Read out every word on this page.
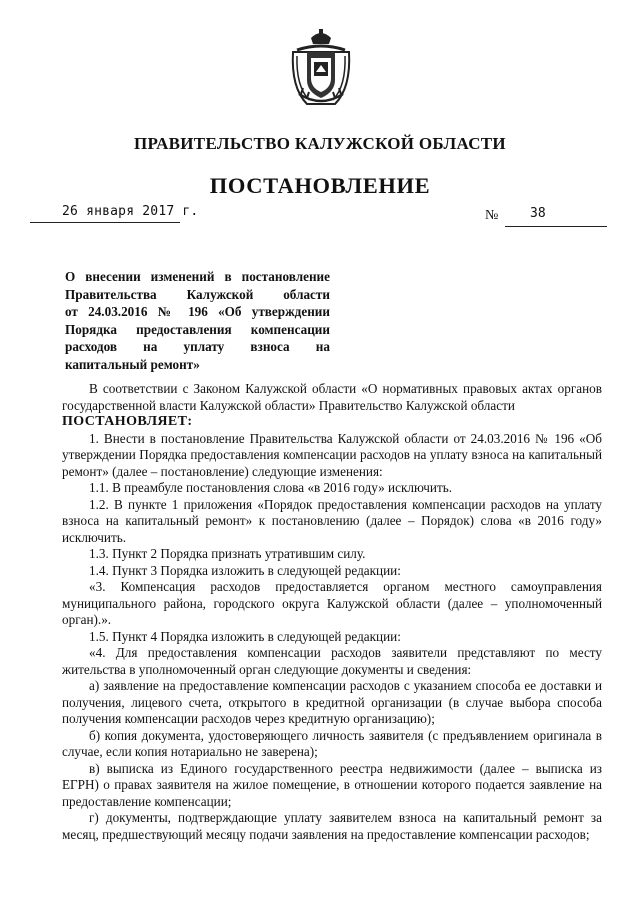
ПРАВИТЕЛЬСТВО КАЛУЖСКОЙ ОБЛАСТИ
ПОСТАНОВЛЕНИЕ
26 января 2017 г.	№ 38
О внесении изменений в постановление
Правительства Калужской области
от 24.03.2016 № 196 «Об утверждении
Порядка предоставления компенсации
расходов на уплату взноса на
капитальный ремонт»

В соответствии с Законом Калужской области «О нормативных правовых актах органов государственной власти Калужской области» Правительство Калужской области

ПОСТАНОВЛЯЕТ:

1. Внести в постановление Правительства Калужской области от 24.03.2016 № 196 «Об утверждении Порядка предоставления компенсации расходов на уплату взноса на капитальный ремонт» (далее – постановление) следующие изменения:

1.1. В преамбуле постановления слова «в 2016 году» исключить.

1.2. В пункте 1 приложения «Порядок предоставления компенсации расходов на уплату взноса на капитальный ремонт» к постановлению (далее – Порядок) слова «в 2016 году» исключить.

1.3. Пункт 2 Порядка признать утратившим силу.

1.4. Пункт 3 Порядка изложить в следующей редакции:

«3. Компенсация расходов предоставляется органом местного самоуправления муниципального района, городского округа Калужской области (далее – уполномоченный орган).».

1.5. Пункт 4 Порядка изложить в следующей редакции:

«4. Для предоставления компенсации расходов заявители представляют по месту жительства в уполномоченный орган следующие документы и сведения:

а) заявление на предоставление компенсации расходов с указанием способа ее доставки и получения, лицевого счета, открытого в кредитной организации (в случае выбора способа получения компенсации расходов через кредитную организацию);

б) копия документа, удостоверяющего личность заявителя (с предъявлением оригинала в случае, если копия нотариально не заверена);

в) выписка из Единого государственного реестра недвижимости (далее – выписка из ЕГРН) о правах заявителя на жилое помещение, в отношении которого подается заявление на предоставление компенсации;

г) документы, подтверждающие уплату заявителем взноса на капитальный ремонт за месяц, предшествующий месяцу подачи заявления на предоставление компенсации расходов;
